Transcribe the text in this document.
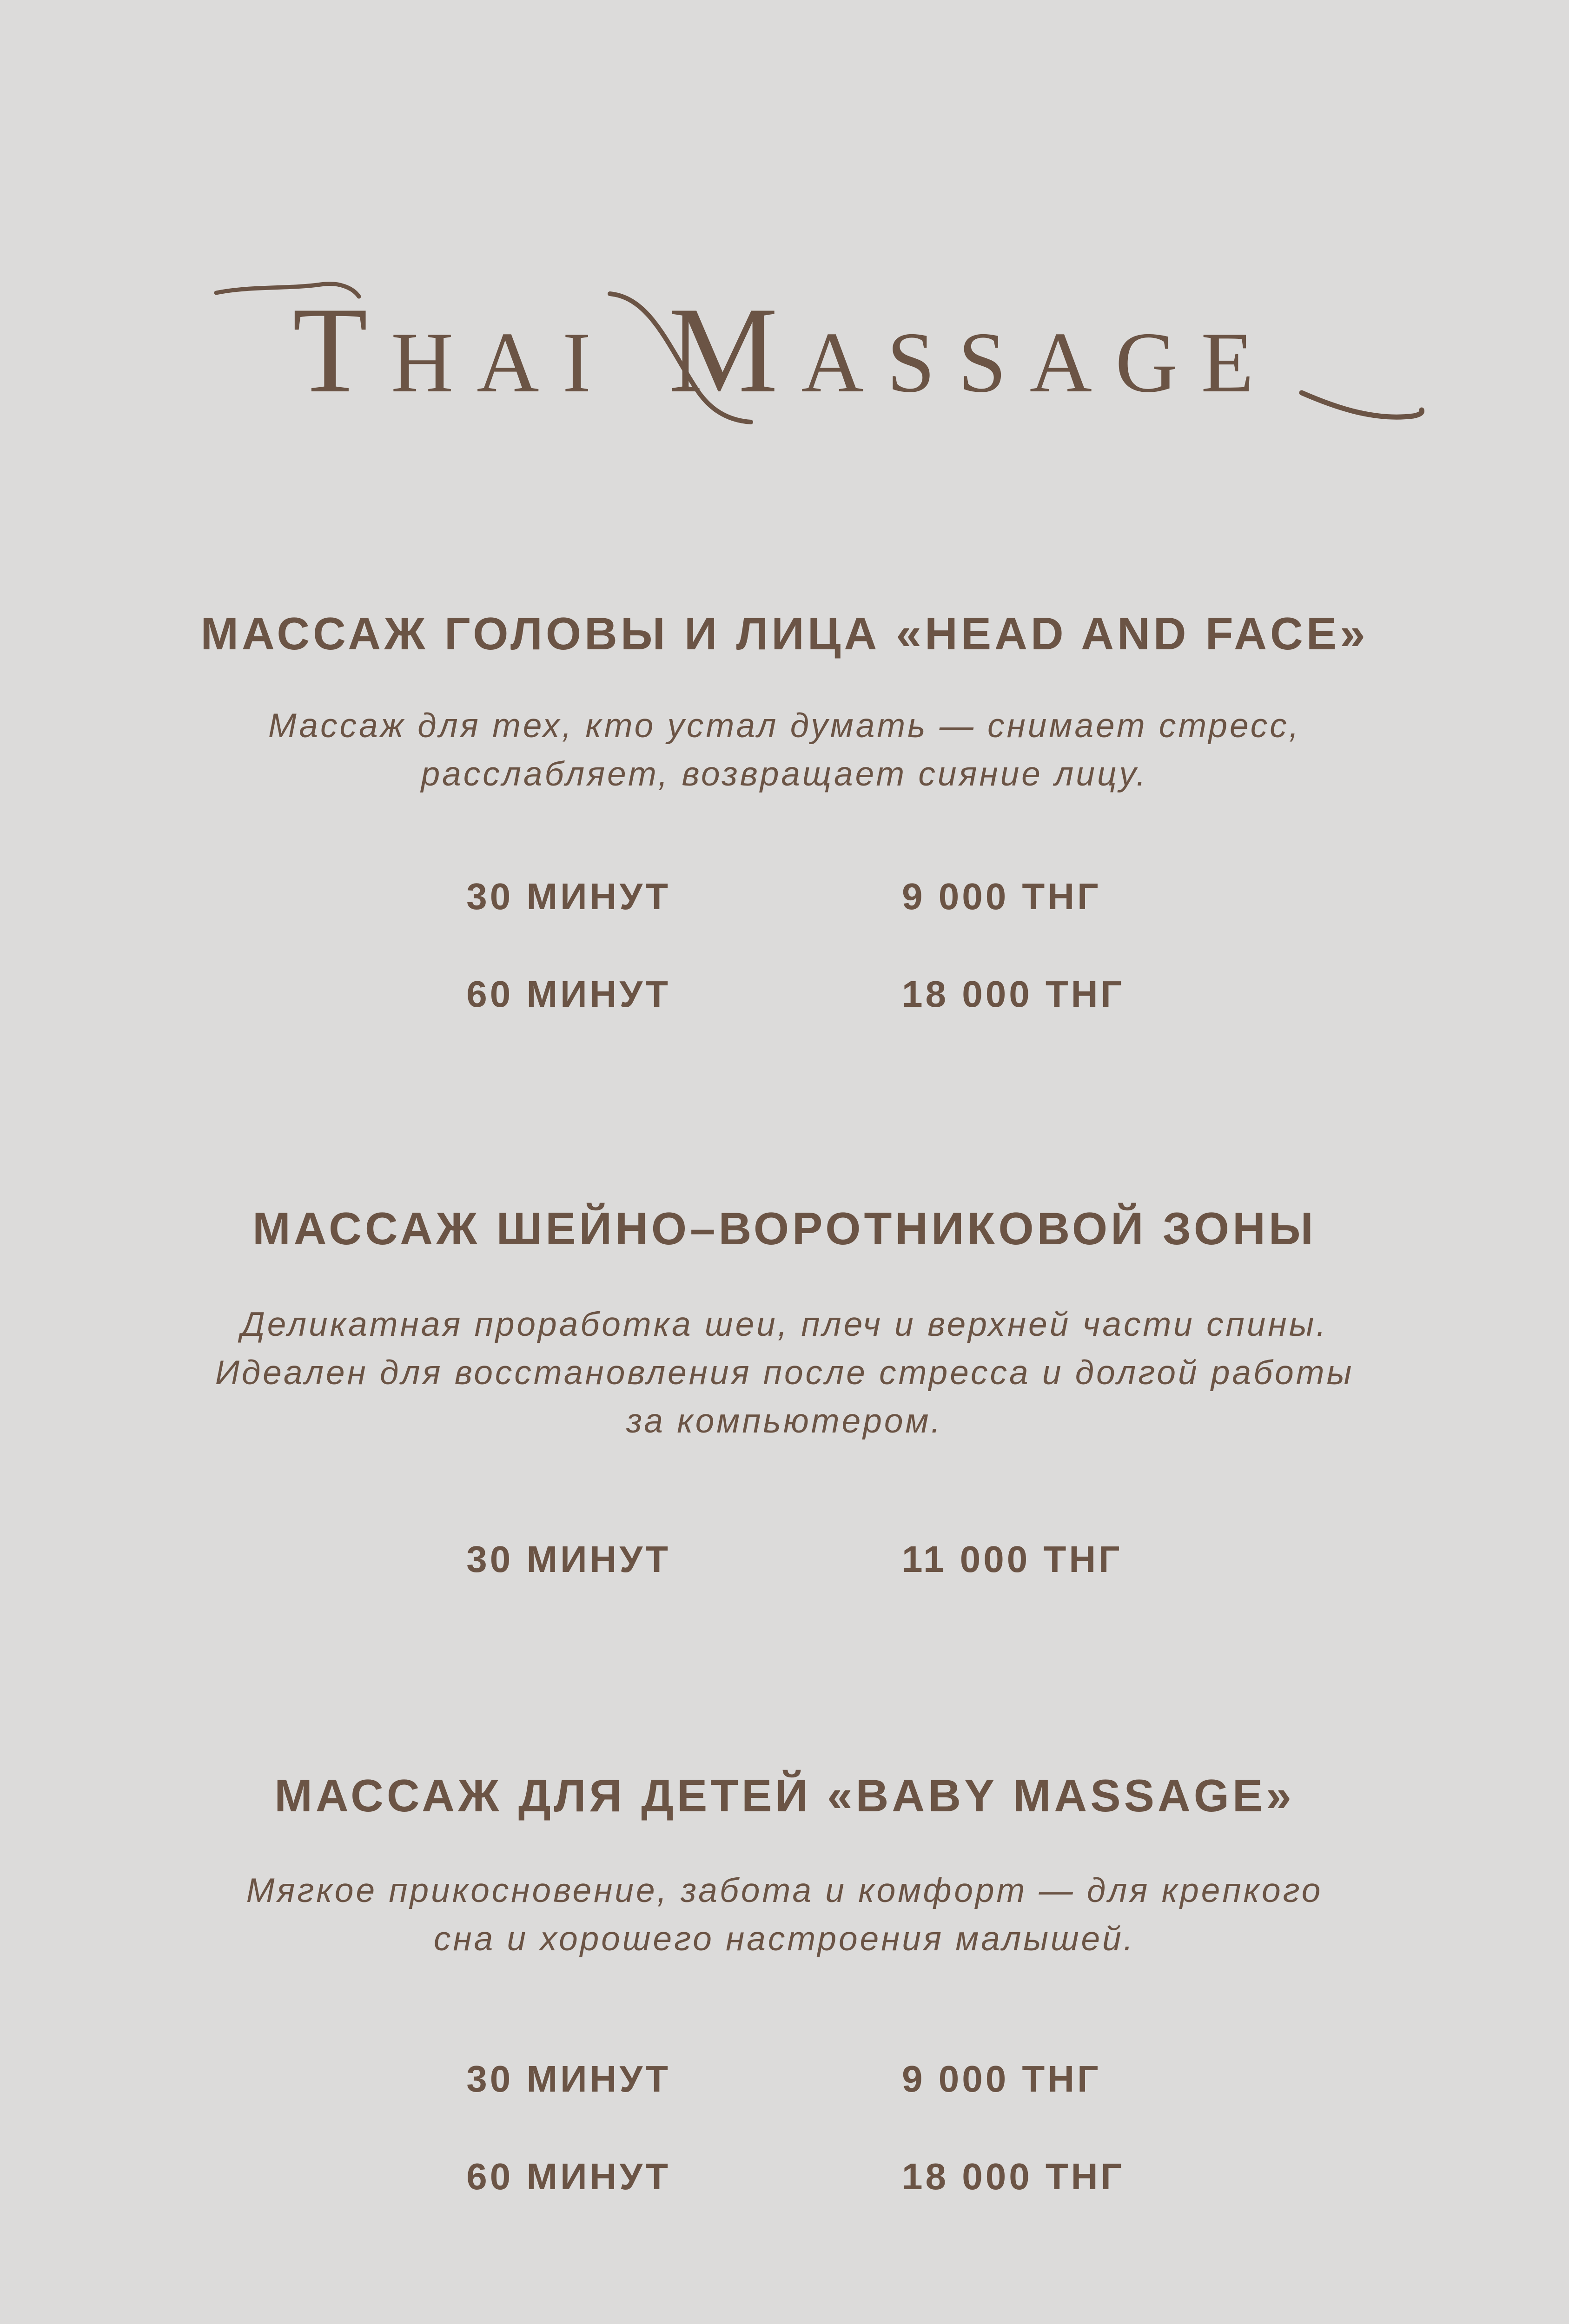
Thai Massage
МАССАЖ ГОЛОВЫ И ЛИЦА «HEAD AND FACE»
Массаж для тех, кто устал думать — снимает стресс,
расслабляет, возвращает сияние лицу.
30 МИНУТ	9 000 ТНГ
60 МИНУТ	18 000 ТНГ
МАССАЖ ШЕЙНО–ВОРОТНИКОВОЙ ЗОНЫ
Деликатная проработка шеи, плеч и верхней части спины.
Идеален для восстановления после стресса и долгой работы
за компьютером.
30 МИНУТ	11 000 ТНГ
МАССАЖ ДЛЯ ДЕТЕЙ «BABY MASSAGE»
Мягкое прикосновение, забота и комфорт — для крепкого
сна и хорошего настроения малышей.
30 МИНУТ	9 000 ТНГ
60 МИНУТ	18 000 ТНГ
